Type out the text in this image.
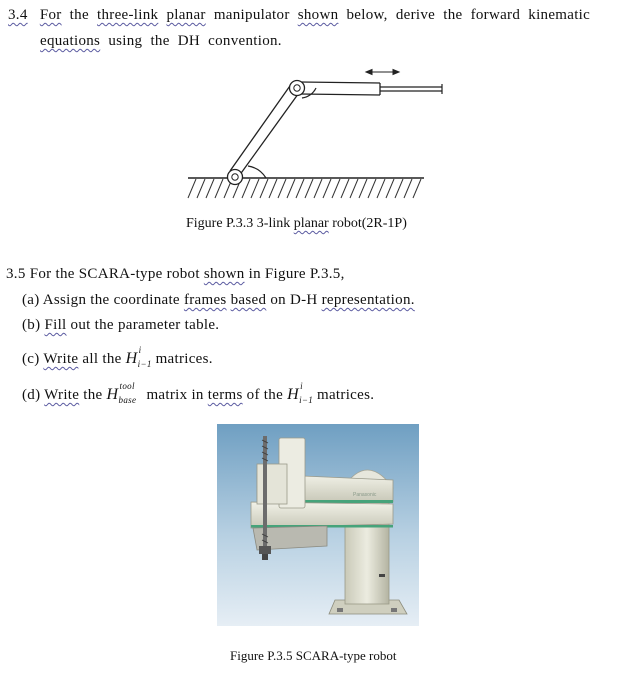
3.4 For the three-link planar manipulator shown below, derive the forward kinematic
equations using the DH convention.
Figure P.3.3 3-link planar robot(2R-1P)
3.5 For the SCARA-type robot shown in Figure P.3.5,
(a) Assign the coordinate frames based on D-H representation.
(b) Fill out the parameter table.
(c) Write all the H i
i−1 matrices.
(d) Write the H tool
base matrix in terms of the H i
i−1 matrices.
Panasonic
Figure P.3.5 SCARA-type robot
